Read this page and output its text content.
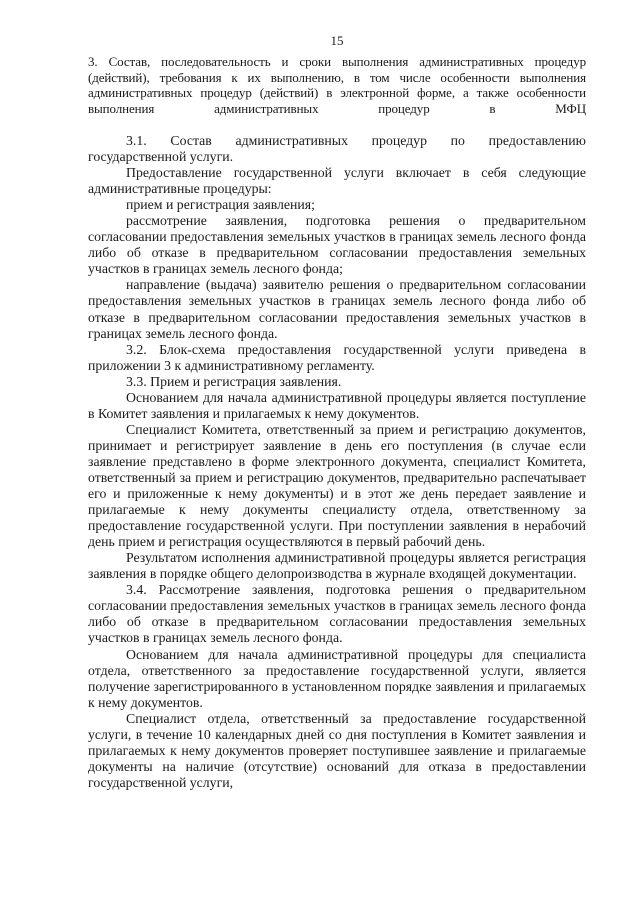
15
3. Состав, последовательность и сроки выполнения административных процедур (действий), требования к их выполнению, в том числе особенности выполнения административных процедур (действий) в электронной форме, а также особенности выполнения административных процедур в МФЦ

3.1. Состав административных процедур по предоставлению государственной услуги.

Предоставление государственной услуги включает в себя следующие административные процедуры:

прием и регистрация заявления;

рассмотрение заявления, подготовка решения о предварительном согласовании предоставления земельных участков в границах земель лесного фонда либо об отказе в предварительном согласовании предоставления земельных участков в границах земель лесного фонда;

направление (выдача) заявителю решения о предварительном согласовании предоставления земельных участков в границах земель лесного фонда либо об отказе в предварительном согласовании предоставления земельных участков в границах земель лесного фонда.

3.2. Блок-схема предоставления государственной услуги приведена в приложении 3 к административному регламенту.

3.3. Прием и регистрация заявления.

Основанием для начала административной процедуры является поступление в Комитет заявления и прилагаемых к нему документов.

Специалист Комитета, ответственный за прием и регистрацию документов, принимает и регистрирует заявление в день его поступления (в случае если заявление представлено в форме электронного документа, специалист Комитета, ответственный за прием и регистрацию документов, предварительно распечатывает его и приложенные к нему документы) и в этот же день передает заявление и прилагаемые к нему документы специалисту отдела, ответственному за предоставление государственной услуги. При поступлении заявления в нерабочий день прием и регистрация осуществляются в первый рабочий день.

Результатом исполнения административной процедуры является регистрация заявления в порядке общего делопроизводства в журнале входящей документации.

3.4. Рассмотрение заявления, подготовка решения о предварительном согласовании предоставления земельных участков в границах земель лесного фонда либо об отказе в предварительном согласовании предоставления земельных участков в границах земель лесного фонда.

Основанием для начала административной процедуры для специалиста отдела, ответственного за предоставление государственной услуги, является получение зарегистрированного в установленном порядке заявления и прилагаемых к нему документов.

Специалист отдела, ответственный за предоставление государственной услуги, в течение 10 календарных дней со дня поступления в Комитет заявления и прилагаемых к нему документов проверяет поступившее заявление и прилагаемые документы на наличие (отсутствие) оснований для отказа в предоставлении государственной услуги,
